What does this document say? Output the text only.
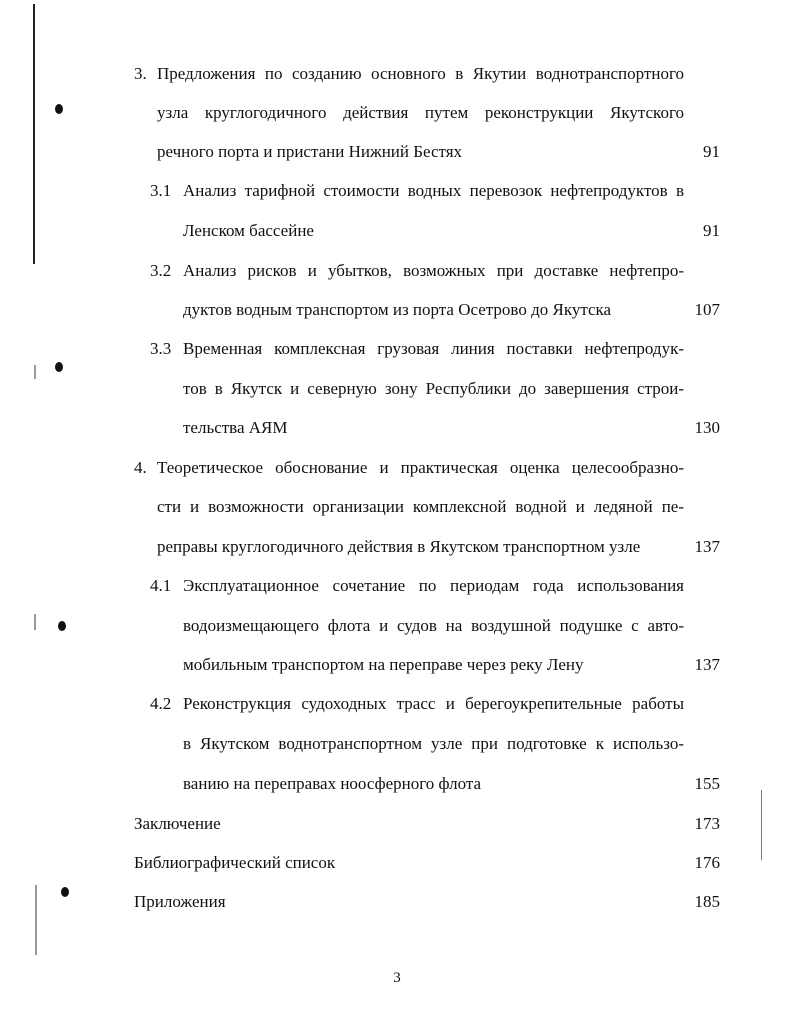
3. Предложения по созданию основного в Якутии воднотранспортного
узла круглогодичного действия путем реконструкции Якутского
речного порта и пристани Нижний Бестях	91
3.1 Анализ тарифной стоимости водных перевозок нефтепродуктов в
Ленском бассейне	91
3.2 Анализ рисков и убытков, возможных при доставке нефтепро-
дуктов водным транспортом из порта Осетрово до Якутска	107
3.3 Временная комплексная грузовая линия поставки нефтепродук-
тов в Якутск и северную зону Республики до завершения строи-
тельства АЯМ	130
4. Теоретическое обоснование и практическая оценка целесообразно-
сти и возможности организации комплексной водной и ледяной пе-
реправы круглогодичного действия в Якутском транспортном узле	137
4.1 Эксплуатационное сочетание по периодам года использования
водоизмещающего флота и судов на воздушной подушке с авто-
мобильным транспортом на переправе через реку Лену	137
4.2 Реконструкция судоходных трасс и берегоукрепительные работы
в Якутском воднотранспортном узле при подготовке к использо-
ванию на переправах ноосферного флота	155
Заключение	173
Библиографический список	176
Приложения	185
3
